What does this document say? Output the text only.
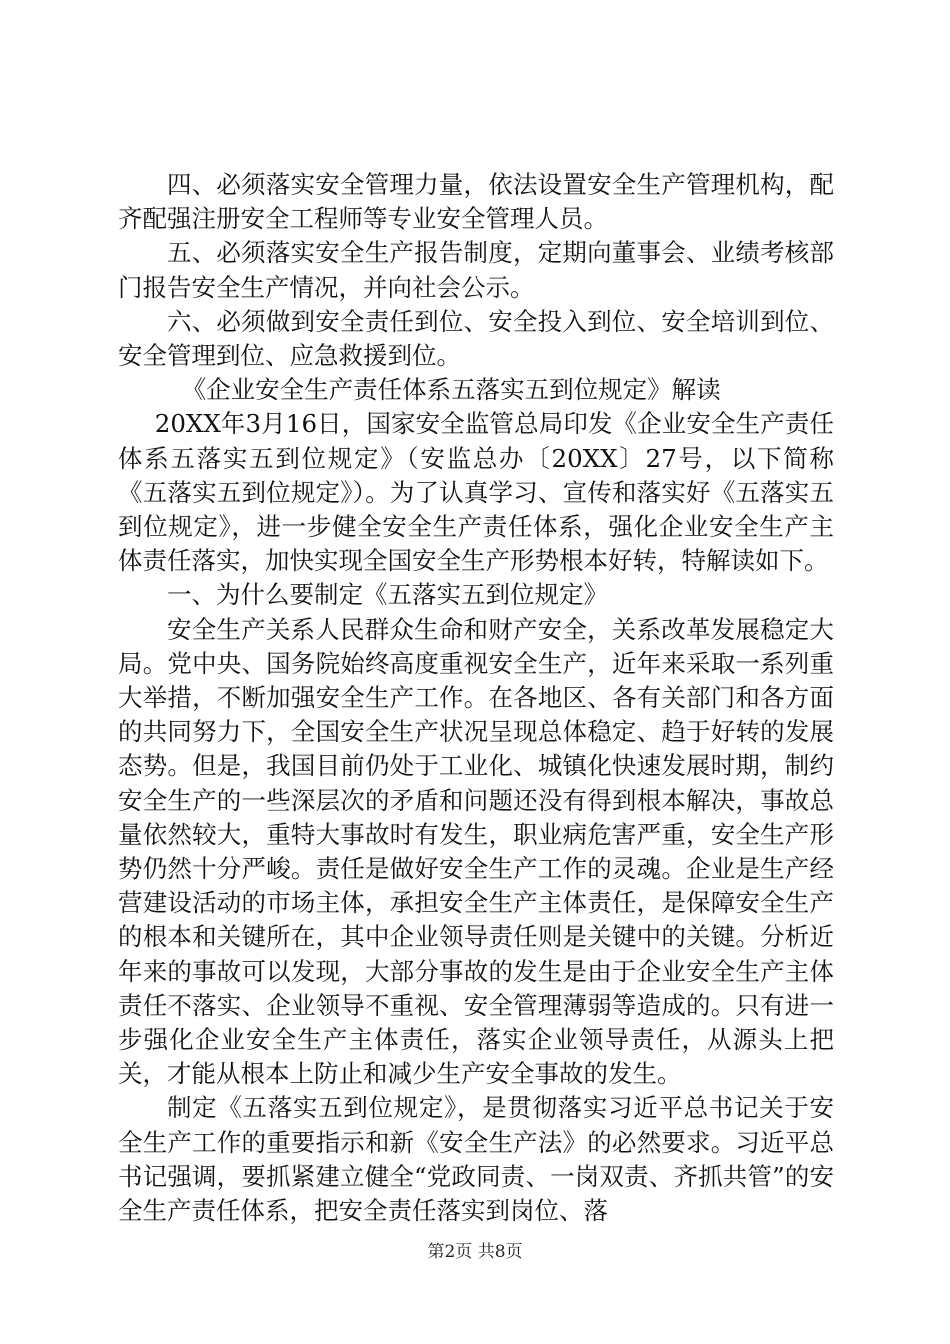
四、必须落实安全管理力量，依法设置安全生产管理机构，配齐配强注册安全工程师等专业安全管理人员。

五、必须落实安全生产报告制度，定期向董事会、业绩考核部门报告安全生产情况，并向社会公示。

六、必须做到安全责任到位、安全投入到位、安全培训到位、安全管理到位、应急救援到位。

《企业安全生产责任体系五落实五到位规定》解读

20XX年3月16日，国家安全监管总局印发《企业安全生产责任体系五落实五到位规定》（安监总办〔20XX〕27号，以下简称《五落实五到位规定》）。为了认真学习、宣传和落实好《五落实五到位规定》，进一步健全安全生产责任体系，强化企业安全生产主体责任落实，加快实现全国安全生产形势根本好转，特解读如下。

一、为什么要制定《五落实五到位规定》

安全生产关系人民群众生命和财产安全，关系改革发展稳定大局。党中央、国务院始终高度重视安全生产，近年来采取一系列重大举措，不断加强安全生产工作。在各地区、各有关部门和各方面的共同努力下，全国安全生产状况呈现总体稳定、趋于好转的发展态势。但是，我国目前仍处于工业化、城镇化快速发展时期，制约安全生产的一些深层次的矛盾和问题还没有得到根本解决，事故总量依然较大，重特大事故时有发生，职业病危害严重，安全生产形势仍然十分严峻。责任是做好安全生产工作的灵魂。企业是生产经营建设活动的市场主体，承担安全生产主体责任，是保障安全生产的根本和关键所在，其中企业领导责任则是关键中的关键。分析近年来的事故可以发现，大部分事故的发生是由于企业安全生产主体责任不落实、企业领导不重视、安全管理薄弱等造成的。只有进一步强化企业安全生产主体责任，落实企业领导责任，从源头上把关，才能从根本上防止和减少生产安全事故的发生。

制定《五落实五到位规定》，是贯彻落实习近平总书记关于安全生产工作的重要指示和新《安全生产法》的必然要求。习近平总书记强调，要抓紧建立健全“党政同责、一岗双责、齐抓共管”的安全生产责任体系，把安全责任落实到岗位、落

第2页 共8页
